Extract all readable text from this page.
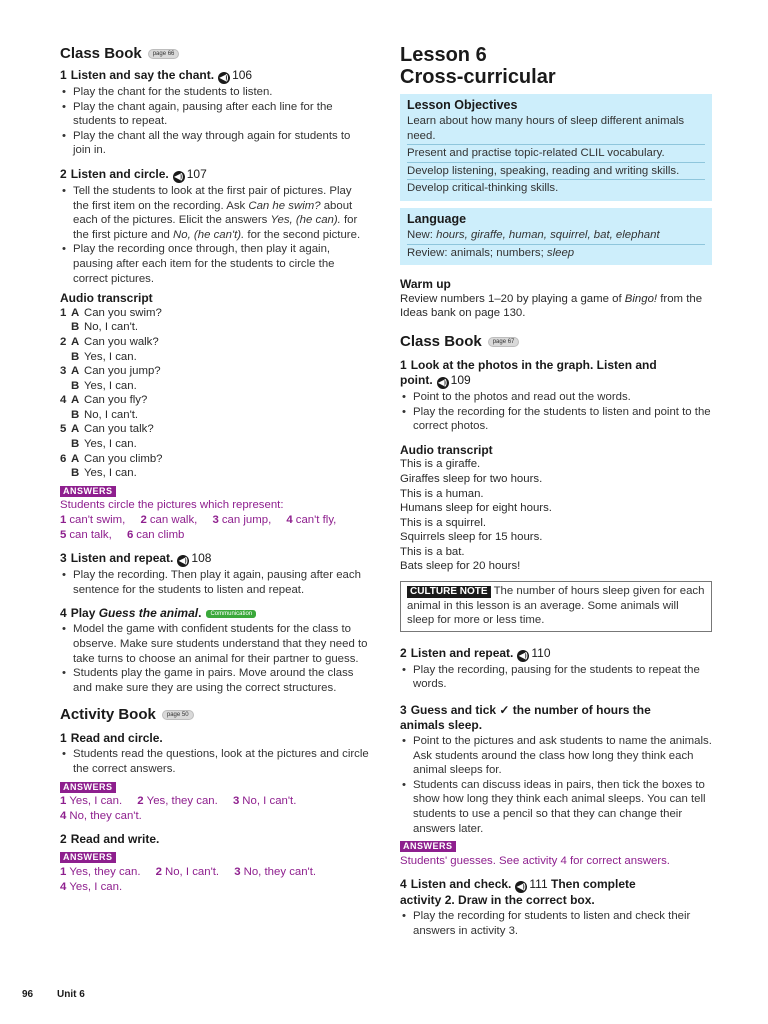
Class Book page 66
1 Listen and say the chant. ◀) 106
• Play the chant for the students to listen.
• Play the chant again, pausing after each line for the students to repeat.
• Play the chant all the way through again for students to join in.
2 Listen and circle. ◀) 107
• Tell the students to look at the first pair of pictures. Play the first item on the recording. Ask Can he swim? about each of the pictures. Elicit the answers Yes, (he can). for the first picture and No, (he can't). for the second picture.
• Play the recording once through, then play it again, pausing after each item for the students to circle the correct pictures.
Audio transcript
1 A Can you swim?
B No, I can't.
2 A Can you walk?
B Yes, I can.
3 A Can you jump?
B Yes, I can.
4 A Can you fly?
B No, I can't.
5 A Can you talk?
B Yes, I can.
6 A Can you climb?
B Yes, I can.
ANSWERS
Students circle the pictures which represent:
1 can't swim, 2 can walk, 3 can jump, 4 can't fly,
5 can talk, 6 can climb
3 Listen and repeat. ◀) 108
• Play the recording. Then play it again, pausing after each sentence for the students to listen and repeat.
4 Play Guess the animal. Communication
• Model the game with confident students for the class to observe. Make sure students understand that they need to take turns to choose an animal for their partner to guess.
• Students play the game in pairs. Move around the class and make sure they are using the correct structures.
Activity Book page 50
1 Read and circle.
• Students read the questions, look at the pictures and circle the correct answers.
ANSWERS
1 Yes, I can. 2 Yes, they can. 3 No, I can't.
4 No, they can't.
2 Read and write.
ANSWERS
1 Yes, they can. 2 No, I can't. 3 No, they can't.
4 Yes, I can.
Lesson 6
Cross-curricular
Lesson Objectives
Learn about how many hours of sleep different animals need.
Present and practise topic-related CLIL vocabulary.
Develop listening, speaking, reading and writing skills.
Develop critical-thinking skills.
Language
New: hours, giraffe, human, squirrel, bat, elephant
Review: animals; numbers; sleep
Warm up
Review numbers 1–20 by playing a game of Bingo! from the Ideas bank on page 130.
Class Book page 67
1 Look at the photos in the graph. Listen and
point. ◀) 109
• Point to the photos and read out the words.
• Play the recording for the students to listen and point to the correct photos.
Audio transcript
This is a giraffe.
Giraffes sleep for two hours.
This is a human.
Humans sleep for eight hours.
This is a squirrel.
Squirrels sleep for 15 hours.
This is a bat.
Bats sleep for 20 hours!
CULTURE NOTE The number of hours sleep given for each animal in this lesson is an average. Some animals will sleep for more or less time.
2 Listen and repeat. ◀) 110
• Play the recording, pausing for the students to repeat the words.
3 Guess and tick ✓ the number of hours the
animals sleep.
• Point to the pictures and ask students to name the animals. Ask students around the class how long they think each animal sleeps for.
• Students can discuss ideas in pairs, then tick the boxes to show how long they think each animal sleeps. You can tell students to use a pencil so that they can change their answers later.
ANSWERS
Students' guesses. See activity 4 for correct answers.
4 Listen and check. ◀) 111 Then complete
activity 2. Draw in the correct box.
• Play the recording for students to listen and check their answers in activity 3.
96 Unit 6
